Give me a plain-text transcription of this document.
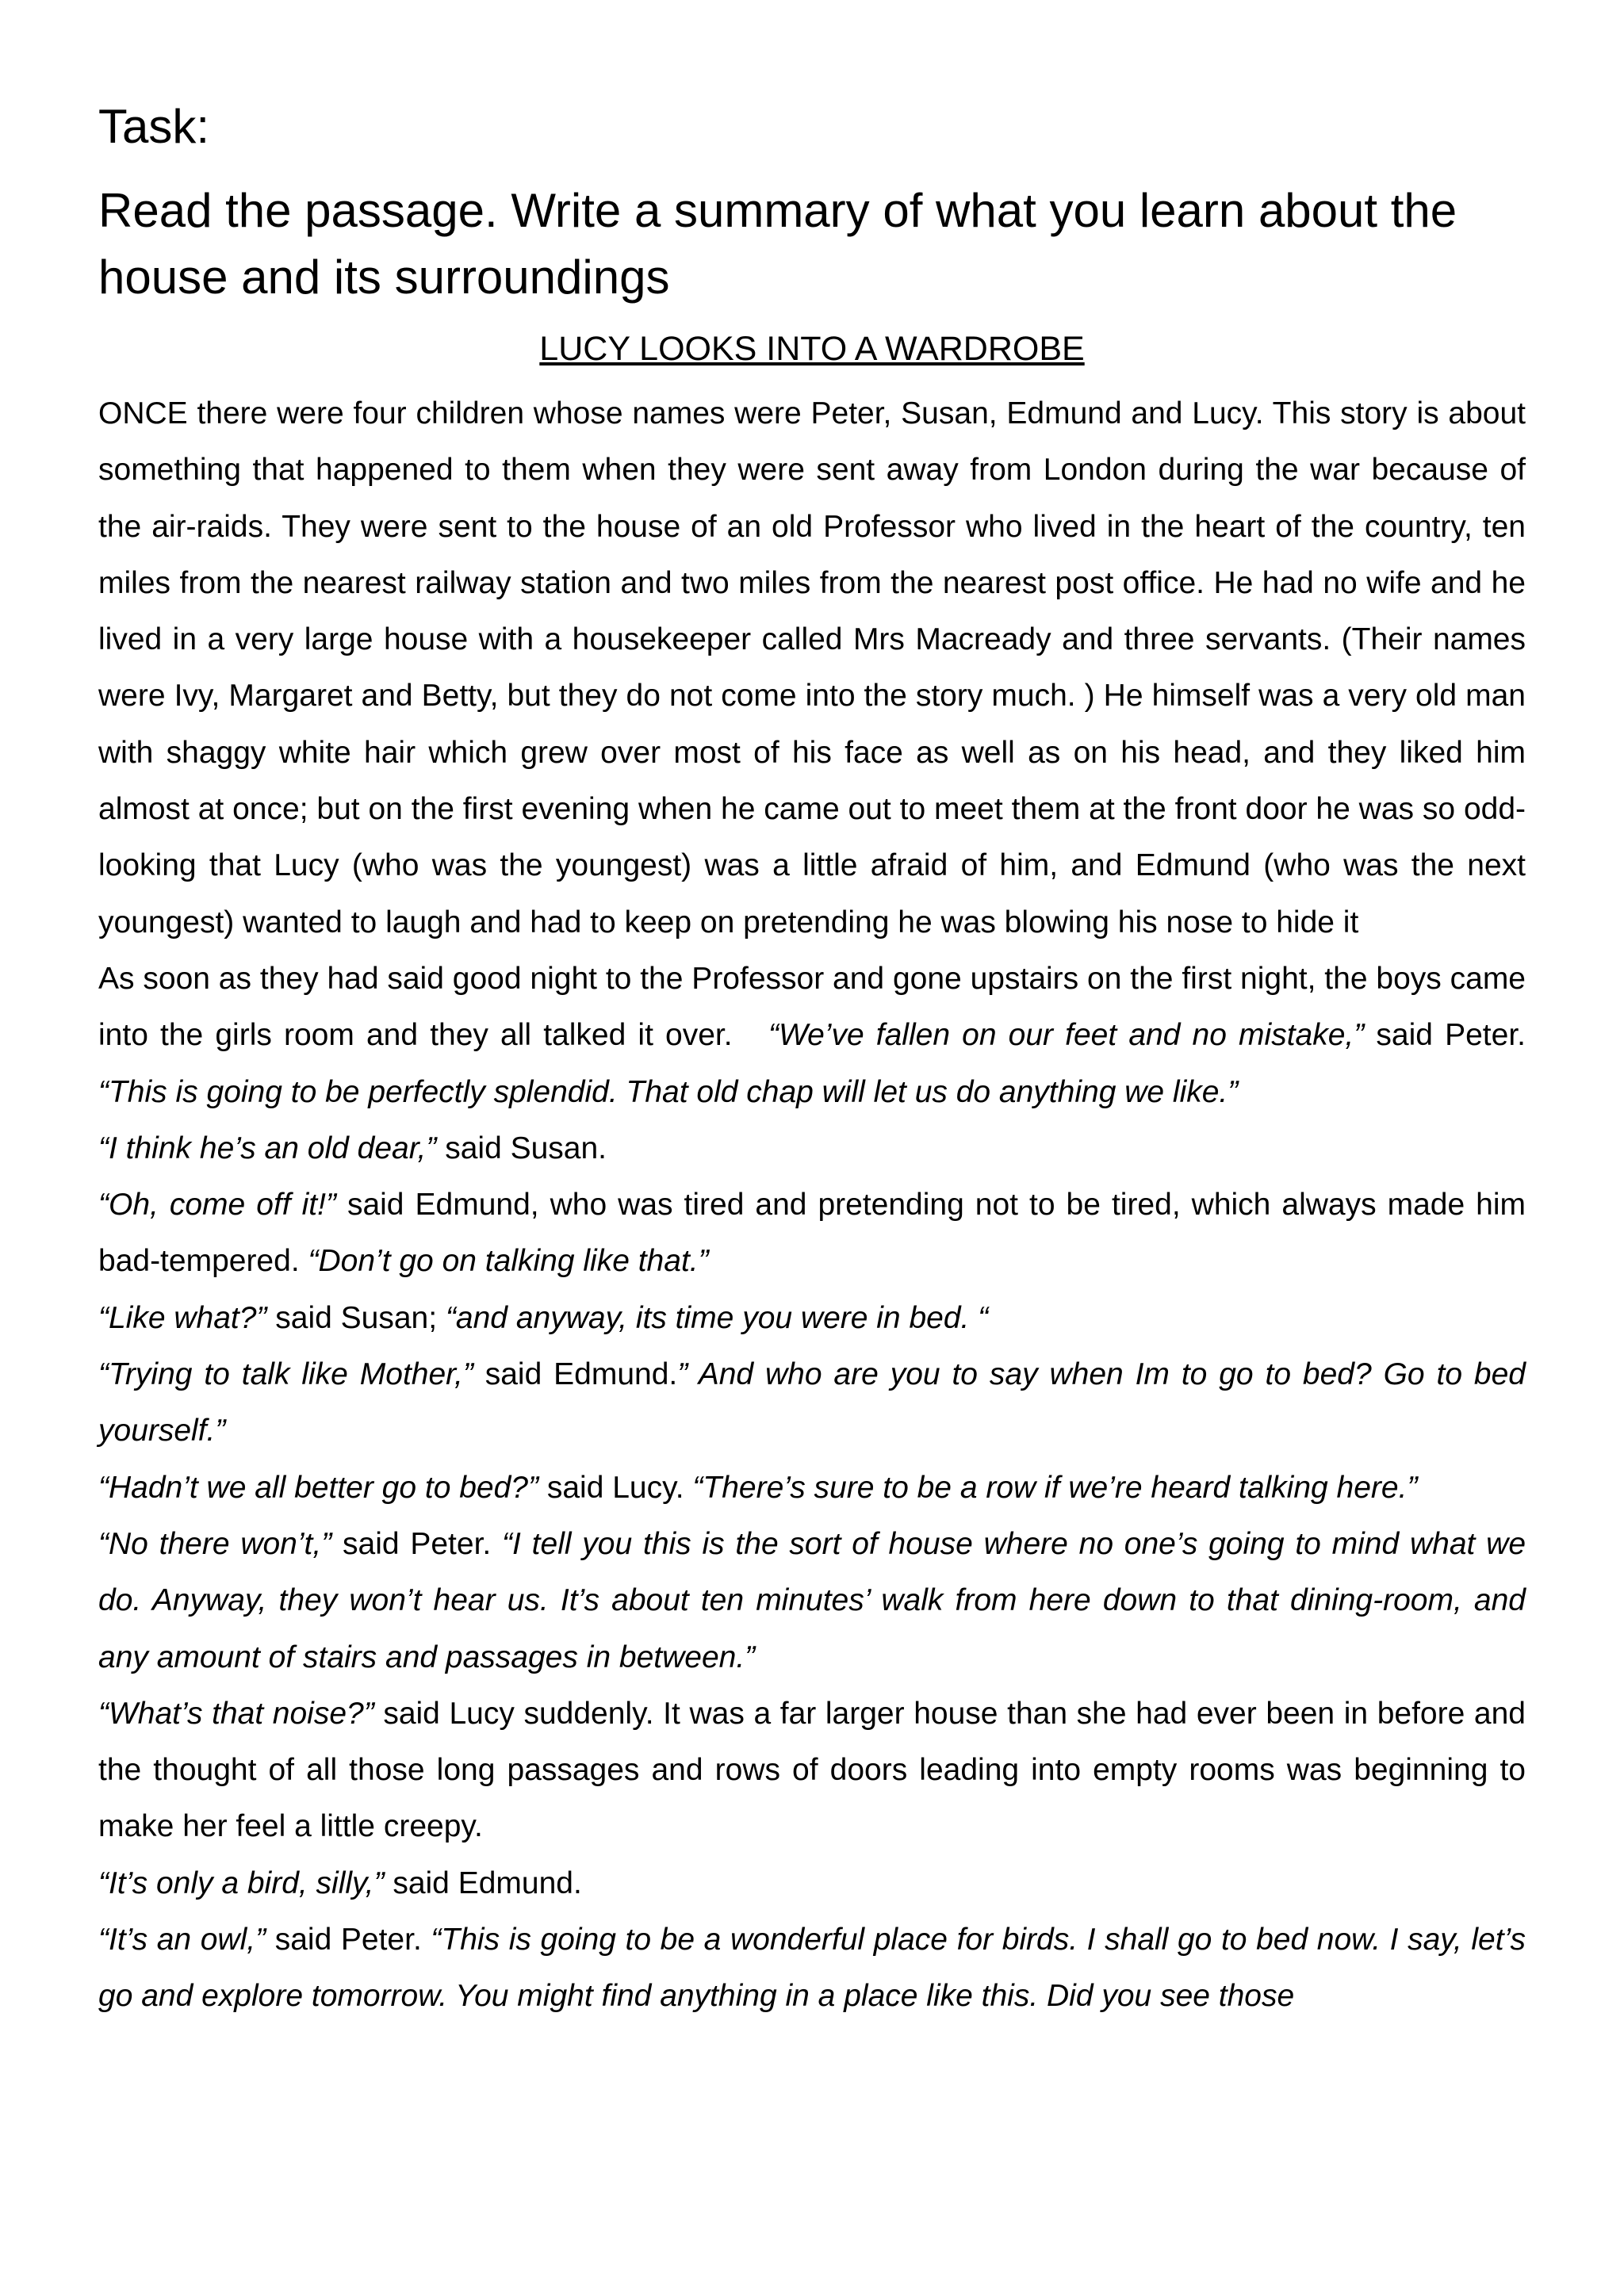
Task:
Read the passage. Write a summary of what you learn about the house and its surroundings
LUCY LOOKS INTO A WARDROBE

ONCE there were four children whose names were Peter, Susan, Edmund and Lucy. This story is about something that happened to them when they were sent away from London during the war because of the air-raids. They were sent to the house of an old Professor who lived in the heart of the country, ten miles from the nearest railway station and two miles from the nearest post office. He had no wife and he lived in a very large house with a housekeeper called Mrs Macready and three servants. (Their names were Ivy, Margaret and Betty, but they do not come into the story much. ) He himself was a very old man with shaggy white hair which grew over most of his face as well as on his head, and they liked him almost at once; but on the first evening when he came out to meet them at the front door he was so odd-looking that Lucy (who was the youngest) was a little afraid of him, and Edmund (who was the next youngest) wanted to laugh and had to keep on pretending he was blowing his nose to hide it

As soon as they had said good night to the Professor and gone upstairs on the first night, the boys came into the girls room and they all talked it over. “We’ve fallen on our feet and no mistake,” said Peter. “This is going to be perfectly splendid. That old chap will let us do anything we like.”

“I think he’s an old dear,” said Susan.

“Oh, come off it!” said Edmund, who was tired and pretending not to be tired, which always made him bad-tempered. “Don’t go on talking like that.”

“Like what?” said Susan; “and anyway, its time you were in bed. “

“Trying to talk like Mother,” said Edmund.” And who are you to say when Im to go to bed? Go to bed yourself.”

“Hadn’t we all better go to bed?” said Lucy. “There’s sure to be a row if we’re heard talking here.”

“No there won’t,” said Peter. “I tell you this is the sort of house where no one’s going to mind what we do. Anyway, they won’t hear us. It’s about ten minutes’ walk from here down to that dining-room, and any amount of stairs and passages in between.”

“What’s that noise?” said Lucy suddenly. It was a far larger house than she had ever been in before and the thought of all those long passages and rows of doors leading into empty rooms was beginning to make her feel a little creepy.

“It’s only a bird, silly,” said Edmund.

“It’s an owl,” said Peter. “This is going to be a wonderful place for birds. I shall go to bed now. I say, let’s go and explore tomorrow. You might find anything in a place like this. Did you see those
